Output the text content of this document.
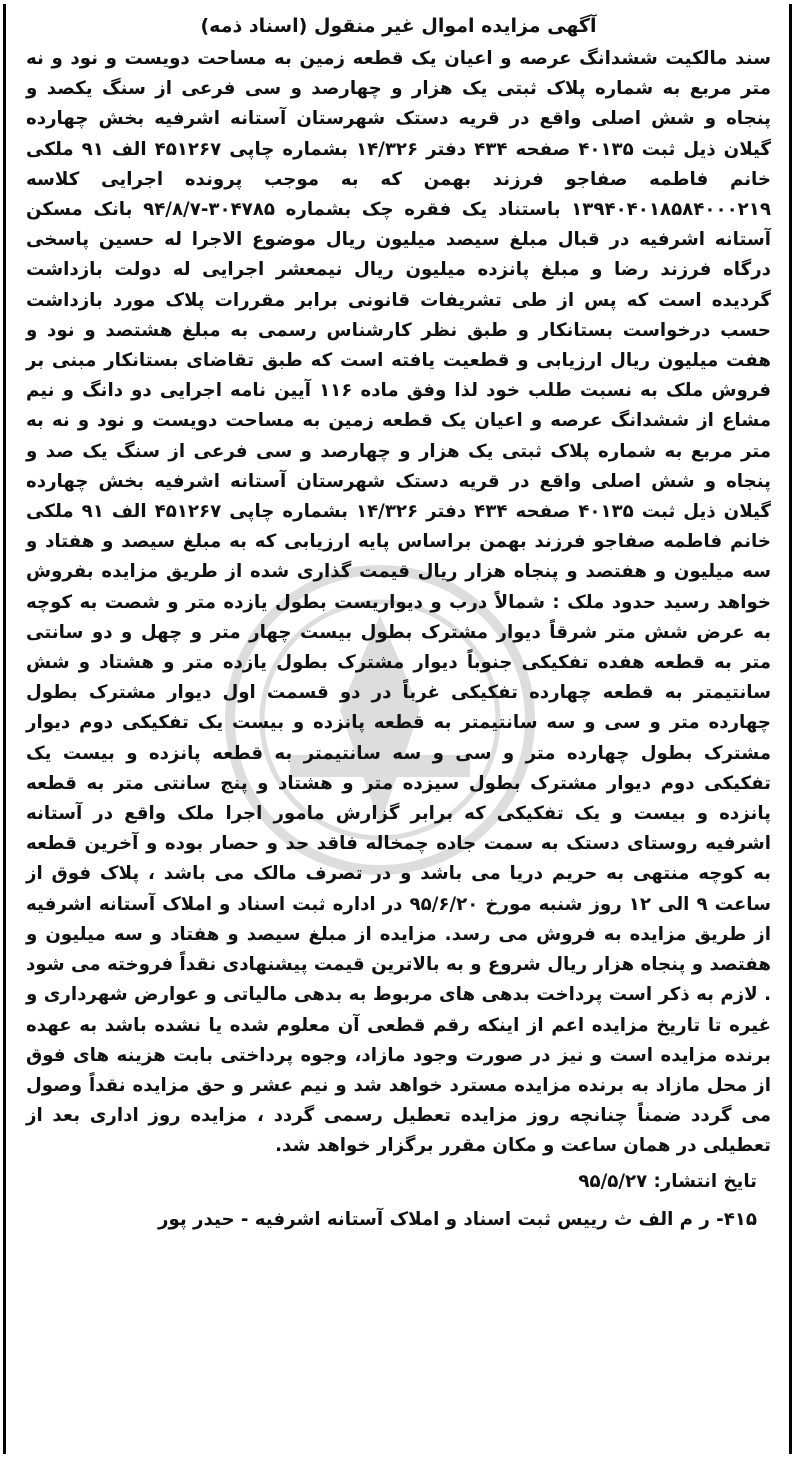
آگهی مزایده اموال غیر منقول (اسناد ذمه)

سند مالکیت ششدانگ عرصه و اعیان یک قطعه زمین به مساحت دویست و نود و نه متر مربع به شماره پلاک ثبتی یک هزار و چهارصد و سی فرعی از سنگ یکصد و پنجاه و شش اصلی واقع در قریه دستک شهرستان آستانه اشرفیه بخش چهارده گیلان ذیل ثبت ۴۰۱۳۵ صفحه ۴۳۴ دفتر ۱۴/۳۲۶ بشماره چاپی ۴۵۱۲۶۷ الف ۹۱ ملکی خانم فاطمه صفاجو فرزند بهمن که به موجب پرونده اجرایی کلاسه ۱۳۹۴۰۴۰۱۸۵۸۴۰۰۰۲۱۹ باستناد یک فقره چک بشماره ۳۰۴۷۸۵-۹۴/۸/۷ بانک مسکن آستانه اشرفیه در قبال مبلغ سیصد میلیون ریال موضوع الاجرا له حسین پاسخی درگاه فرزند رضا و مبلغ پانزده میلیون ریال نیمعشر اجرایی له دولت بازداشت گردیده است که پس از طی تشریفات قانونی برابر مقررات پلاک مورد بازداشت حسب درخواست بستانکار و طبق نظر کارشناس رسمی به مبلغ هشتصد و نود و هفت میلیون ریال ارزیابی و قطعیت یافته است که طبق تقاضای بستانکار مبنی بر فروش ملک به نسبت طلب خود لذا وفق ماده ۱۱۶ آیین نامه اجرایی دو دانگ و نیم مشاع از ششدانگ عرصه و اعیان یک قطعه زمین به مساحت دویست و نود و نه به متر مربع به شماره پلاک ثبتی یک هزار و چهارصد و سی فرعی از سنگ یک صد و پنجاه و شش اصلی واقع در قریه دستک شهرستان آستانه اشرفیه بخش چهارده گیلان ذیل ثبت ۴۰۱۳۵ صفحه ۴۳۴ دفتر ۱۴/۳۲۶ بشماره چاپی ۴۵۱۲۶۷ الف ۹۱ ملکی خانم فاطمه صفاجو فرزند بهمن براساس پایه ارزیابی که به مبلغ سیصد و هفتاد و سه میلیون و هفتصد و پنجاه هزار ریال قیمت گذاری شده از طریق مزایده بفروش خواهد رسید حدود ملک : شمالاً درب و دیواریست بطول یازده متر و شصت به کوچه به عرض شش متر شرقاً دیوار مشترک بطول بیست چهار متر و چهل و دو سانتی متر به قطعه هفده تفکیکی جنوباً دیوار مشترک بطول یازده متر و هشتاد و شش سانتیمتر به قطعه چهارده تفکیکی غرباً در دو قسمت اول دیوار مشترک بطول چهارده متر و سی و سه سانتیمتر به قطعه پانزده و بیست یک تفکیکی دوم دیوار مشترک بطول چهارده متر و سی و سه سانتیمتر به قطعه پانزده و بیست یک تفکیکی دوم دیوار مشترک بطول سیزده متر و هشتاد و پنج سانتی متر به قطعه پانزده و بیست و یک تفکیکی که برابر گزارش مامور اجرا ملک واقع در آستانه اشرفیه روستای دستک به سمت جاده چمخاله فاقد حد و حصار بوده و آخرین قطعه به کوچه منتهی به حریم دریا می باشد و در تصرف مالک می باشد ، پلاک فوق از ساعت ۹ الی ۱۲ روز شنبه مورخ ۹۵/۶/۲۰ در اداره ثبت اسناد و املاک آستانه اشرفیه از طریق مزایده به فروش می رسد. مزایده از مبلغ سیصد و هفتاد و سه میلیون و هفتصد و پنجاه هزار ریال شروع و به بالاترین قیمت پیشنهادی نقداً فروخته می شود . لازم به ذکر است پرداخت بدهی های مربوط به بدهی مالیاتی و عوارض شهرداری و غیره تا تاریخ مزایده اعم از اینکه رقم قطعی آن معلوم شده یا نشده باشد به عهده برنده مزایده است و نیز در صورت وجود مازاد، وجوه پرداختی بابت هزینه های فوق از محل مازاد به برنده مزایده مسترد خواهد شد و نیم عشر و حق مزایده نقداً وصول می گردد ضمناً چنانچه روز مزایده تعطیل رسمی گردد ، مزایده روز اداری بعد از تعطیلی در همان ساعت و مکان مقرر برگزار خواهد شد.

تایخ انتشار: ۹۵/۵/۲۷
۴۱۵- ر م الف ث رییس ثبت اسناد و املاک آستانه اشرفیه - حیدر پور
